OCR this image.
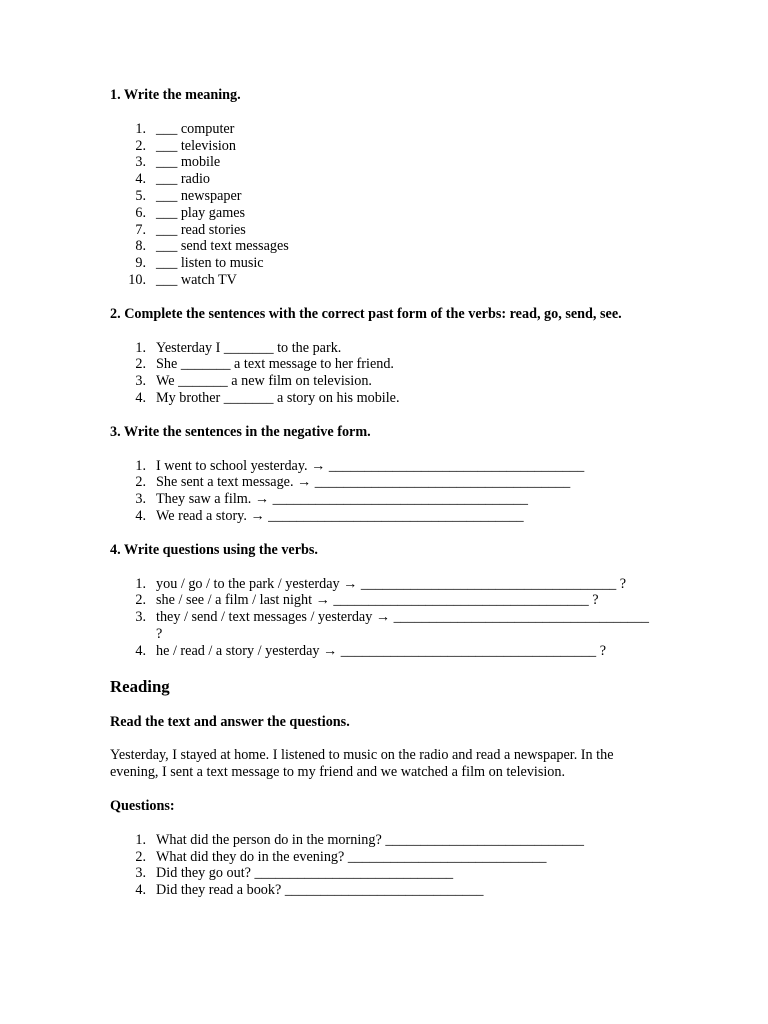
1. Write the meaning.
1. ___ computer
2. ___ television
3. ___ mobile
4. ___ radio
5. ___ newspaper
6. ___ play games
7. ___ read stories
8. ___ send text messages
9. ___ listen to music
10. ___ watch TV
2. Complete the sentences with the correct past form of the verbs: read, go, send, see.
1. Yesterday I _______ to the park.
2. She _______ a text message to her friend.
3. We _______ a new film on television.
4. My brother _______ a story on his mobile.
3. Write the sentences in the negative form.
1. I went to school yesterday. → ____________________________________
2. She sent a text message. → ____________________________________
3. They saw a film. → ____________________________________
4. We read a story. → ____________________________________
4. Write questions using the verbs.
1. you / go / to the park / yesterday → ____________________________________ ?
2. she / see / a film / last night → ____________________________________ ?
3. they / send / text messages / yesterday → ____________________________________ ?
4. he / read / a story / yesterday → ____________________________________ ?
Reading
Read the text and answer the questions.
Yesterday, I stayed at home. I listened to music on the radio and read a newspaper. In the evening, I sent a text message to my friend and we watched a film on television.
Questions:
1. What did the person do in the morning? ____________________________
2. What did they do in the evening? ____________________________
3. Did they go out? ____________________________
4. Did they read a book? ____________________________
